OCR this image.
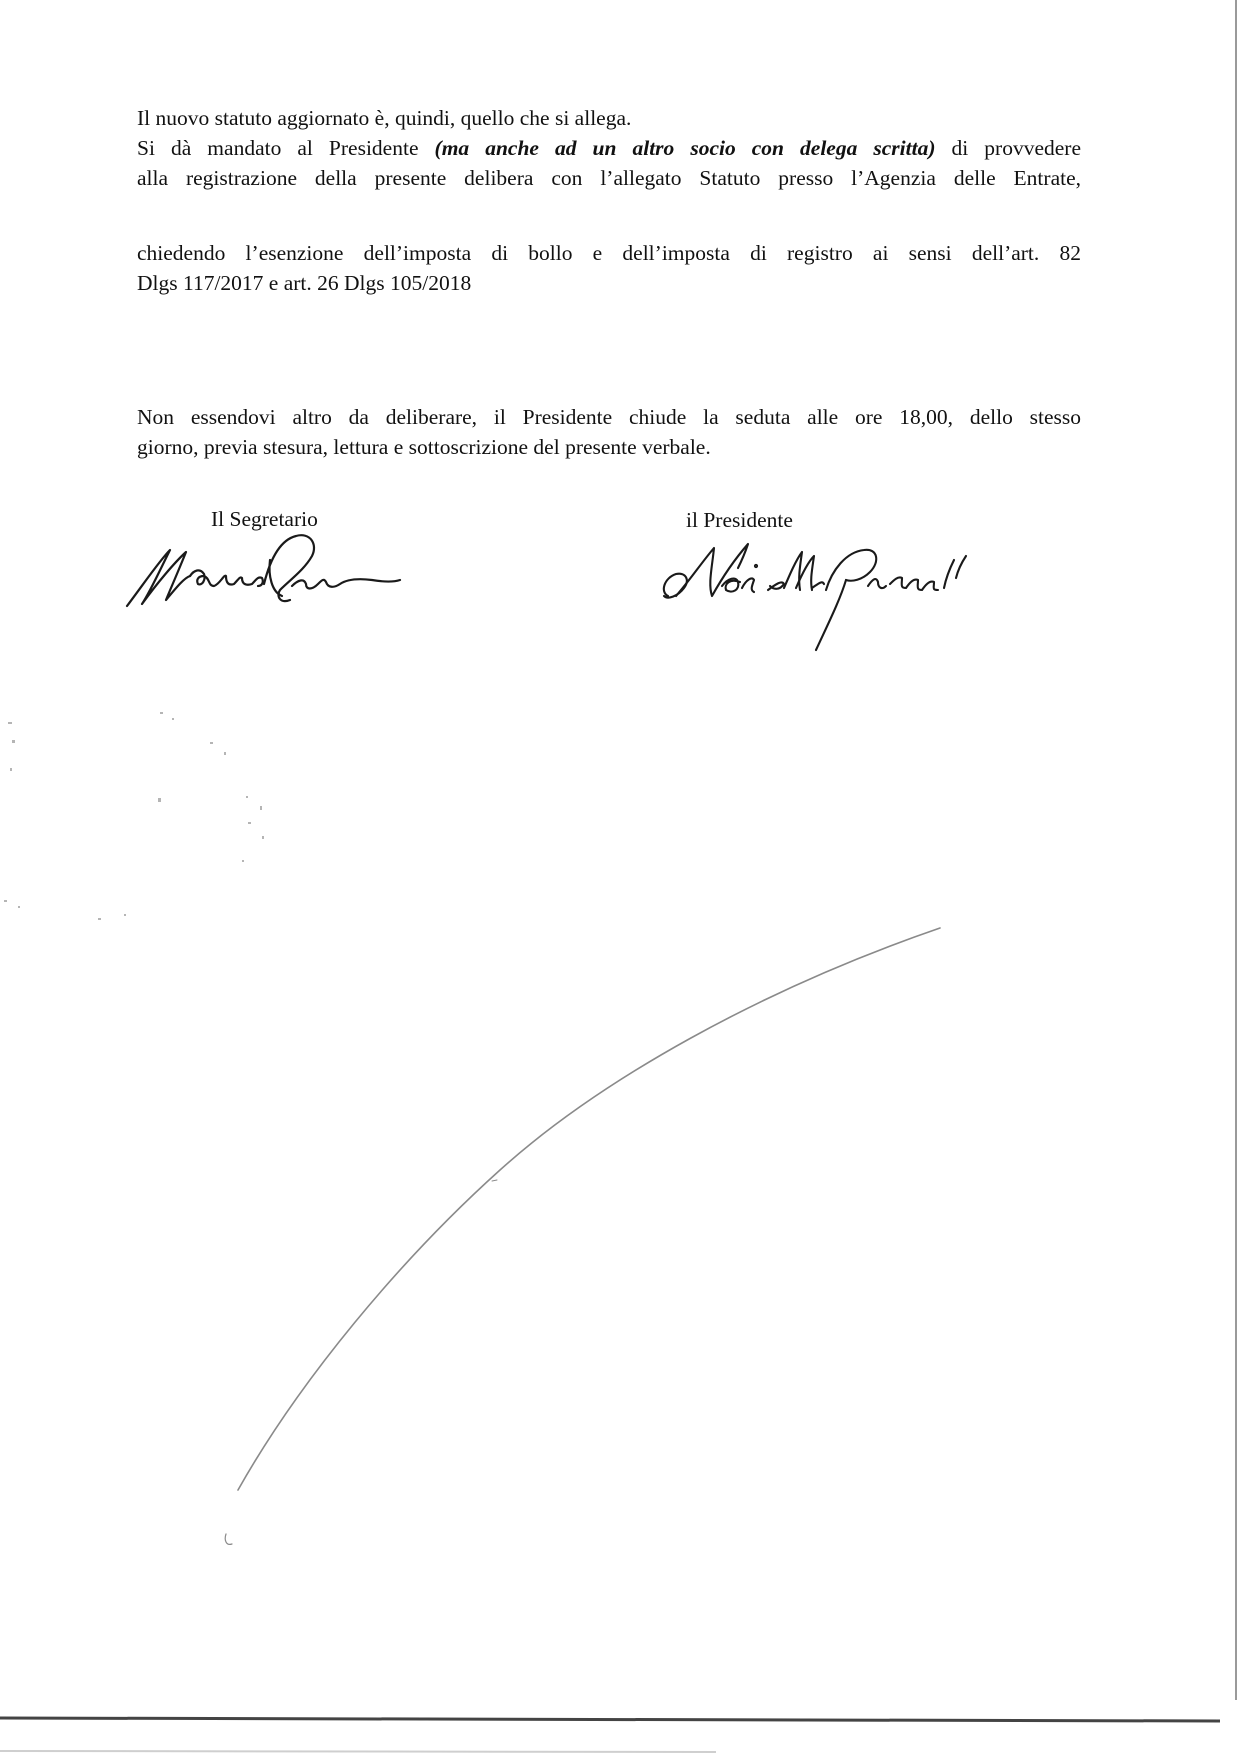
Il nuovo statuto aggiornato è, quindi, quello che si allega.
Si dà mandato al Presidente (ma anche ad un altro socio con delega scritta) di provvedere
alla registrazione della presente delibera con l’allegato Statuto presso l’Agenzia delle Entrate,
chiedendo l’esenzione dell’imposta di bollo e dell’imposta di registro ai sensi dell’art. 82
Dlgs 117/2017 e art. 26 Dlgs 105/2018
Non essendovi altro da deliberare, il Presidente chiude la seduta alle ore 18,00, dello stesso
giorno, previa stesura, lettura e sottoscrizione del presente verbale.
Il Segretario	il Presidente
